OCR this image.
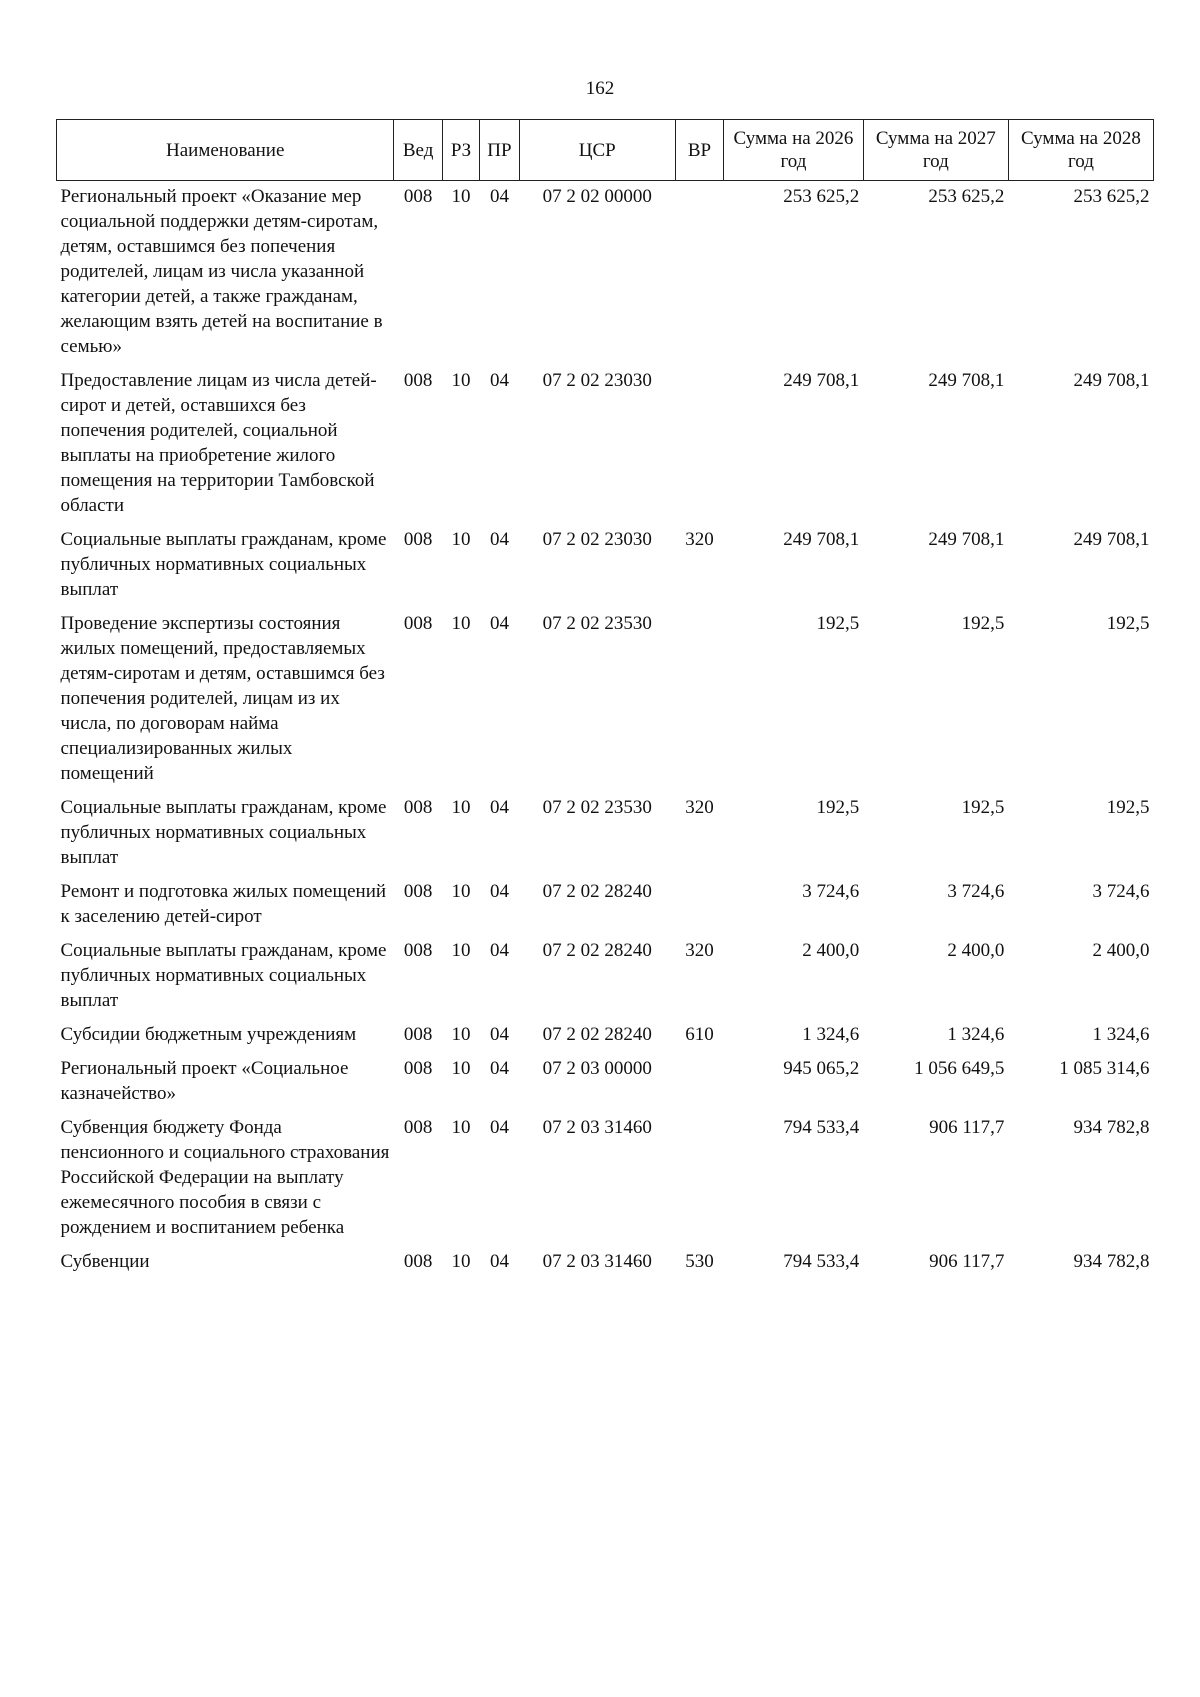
162
Наименование	Вед	РЗ	ПР	ЦСР	ВР	Сумма на 2026 год	Сумма на 2027 год	Сумма на 2028 год
Региональный проект «Оказание мер социальной поддержки детям-сиротам, детям, оставшимся без попечения родителей, лицам из числа указанной категории детей, а также гражданам, желающим взять детей на воспитание в семью»	008	10	04	07 2 02 00000		253 625,2	253 625,2	253 625,2
Предоставление лицам из числа детей-сирот и детей, оставшихся без попечения родителей, социальной выплаты на приобретение жилого помещения на территории Тамбовской области	008	10	04	07 2 02 23030		249 708,1	249 708,1	249 708,1
Социальные выплаты гражданам, кроме публичных нормативных социальных выплат	008	10	04	07 2 02 23030	320	249 708,1	249 708,1	249 708,1
Проведение экспертизы состояния жилых помещений, предоставляемых детям-сиротам и детям, оставшимся без попечения родителей, лицам из их числа, по договорам найма специализированных жилых помещений	008	10	04	07 2 02 23530		192,5	192,5	192,5
Социальные выплаты гражданам, кроме публичных нормативных социальных выплат	008	10	04	07 2 02 23530	320	192,5	192,5	192,5
Ремонт и подготовка жилых помещений к заселению детей-сирот	008	10	04	07 2 02 28240		3 724,6	3 724,6	3 724,6
Социальные выплаты гражданам, кроме публичных нормативных социальных выплат	008	10	04	07 2 02 28240	320	2 400,0	2 400,0	2 400,0
Субсидии бюджетным учреждениям	008	10	04	07 2 02 28240	610	1 324,6	1 324,6	1 324,6
Региональный проект «Социальное казначейство»	008	10	04	07 2 03 00000		945 065,2	1 056 649,5	1 085 314,6
Субвенция бюджету Фонда пенсионного и социального страхования Российской Федерации на выплату ежемесячного пособия в связи с рождением и воспитанием ребенка	008	10	04	07 2 03 31460		794 533,4	906 117,7	934 782,8
Субвенции	008	10	04	07 2 03 31460	530	794 533,4	906 117,7	934 782,8
